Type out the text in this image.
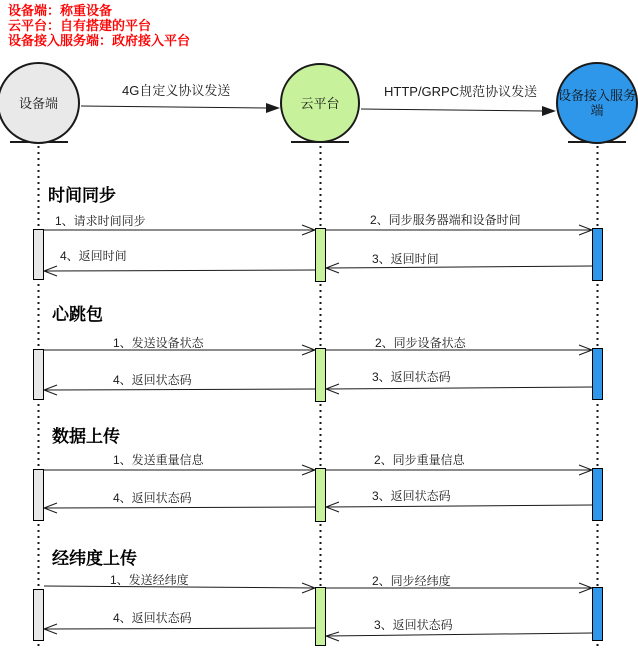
设备端：称重设备
云平台：自有搭建的平台
设备接入服务端：政府接入平台
设备端	云平台	设备接入服务端
4G自定义协议发送	HTTP/GRPC规范协议发送
时间同步
1、请求时间同步	2、同步服务器端和设备时间
3、返回时间
4、返回时间
心跳包
1、发送设备状态	2、同步设备状态
3、返回状态码
4、返回状态码
数据上传
1、发送重量信息	2、同步重量信息
3、返回状态码
4、返回状态码
经纬度上传
1、发送经纬度	2、同步经纬度
3、返回状态码
4、返回状态码
